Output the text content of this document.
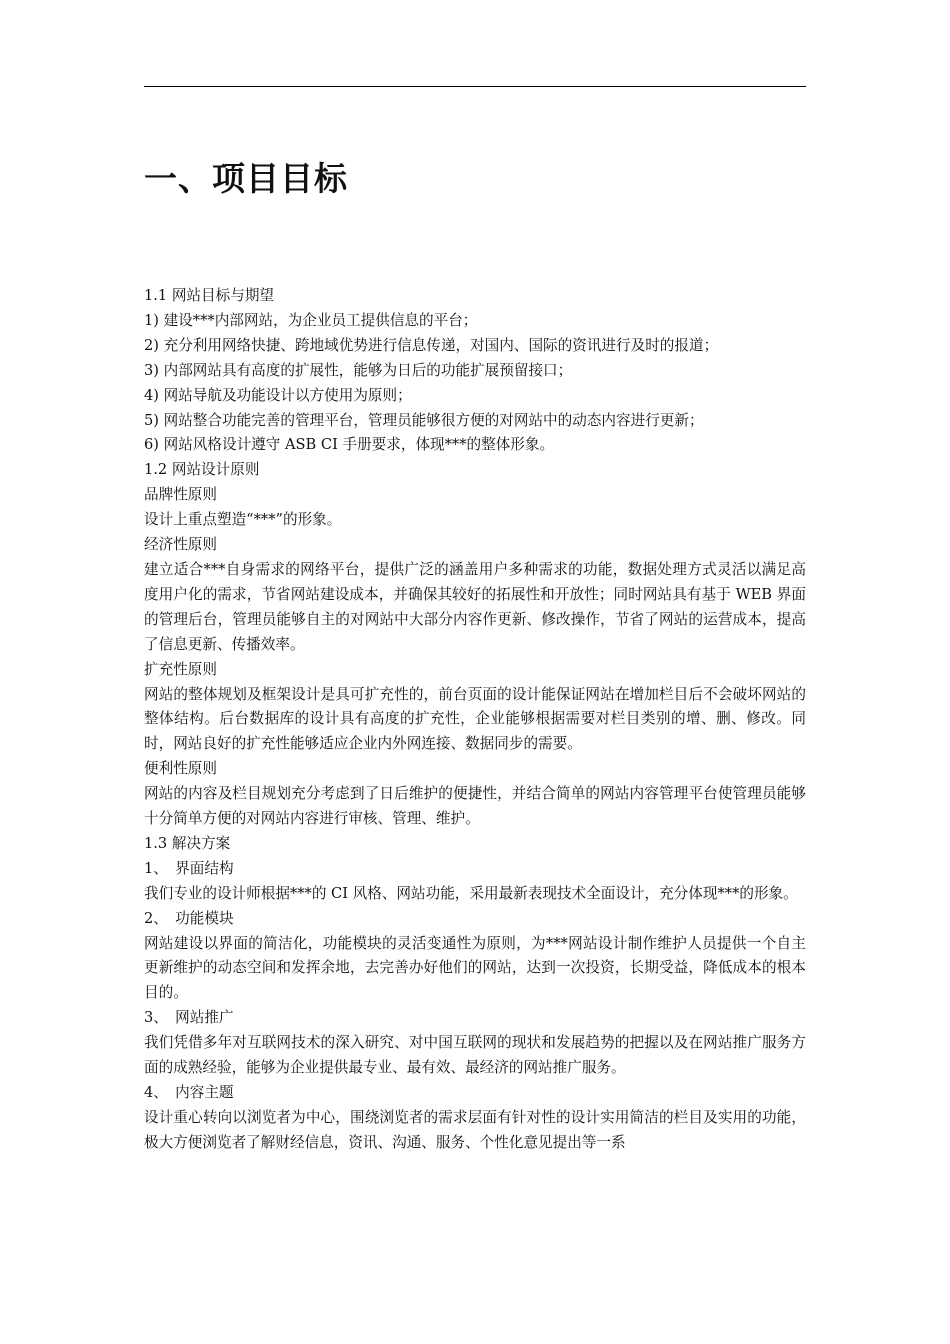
一、项目目标

1.1 网站目标与期望

1) 建设***内部网站，为企业员工提供信息的平台；

2) 充分利用网络快捷、跨地域优势进行信息传递，对国内、国际的资讯进行及时的报道；

3) 内部网站具有高度的扩展性，能够为日后的功能扩展预留接口；

4) 网站导航及功能设计以方使用为原则；

5) 网站整合功能完善的管理平台，管理员能够很方便的对网站中的动态内容进行更新；

6) 网站风格设计遵守 ASB CI 手册要求，体现***的整体形象。

1.2 网站设计原则

品牌性原则

设计上重点塑造“***”的形象。

经济性原则

建立适合***自身需求的网络平台，提供广泛的涵盖用户多种需求的功能，数据处理方式灵活以满足高度用户化的需求，节省网站建设成本，并确保其较好的拓展性和开放性；同时网站具有基于 WEB 界面的管理后台，管理员能够自主的对网站中大部分内容作更新、修改操作，节省了网站的运营成本，提高了信息更新、传播效率。

扩充性原则

网站的整体规划及框架设计是具可扩充性的，前台页面的设计能保证网站在增加栏目后不会破坏网站的整体结构。后台数据库的设计具有高度的扩充性，企业能够根据需要对栏目类别的增、删、修改。同时，网站良好的扩充性能够适应企业内外网连接、数据同步的需要。

便利性原则

网站的内容及栏目规划充分考虑到了日后维护的便捷性，并结合简单的网站内容管理平台使管理员能够十分简单方便的对网站内容进行审核、管理、维护。

1.3 解决方案

1、　界面结构

我们专业的设计师根据***的 CI 风格、网站功能，采用最新表现技术全面设计，充分体现***的形象。

2、　功能模块

网站建设以界面的简洁化，功能模块的灵活变通性为原则，为***网站设计制作维护人员提供一个自主更新维护的动态空间和发挥余地，去完善办好他们的网站，达到一次投资，长期受益，降低成本的根本目的。

3、　网站推广

我们凭借多年对互联网技术的深入研究、对中国互联网的现状和发展趋势的把握以及在网站推广服务方面的成熟经验，能够为企业提供最专业、最有效、最经济的网站推广服务。

4、　内容主题

设计重心转向以浏览者为中心，围绕浏览者的需求层面有针对性的设计实用简洁的栏目及实用的功能，极大方便浏览者了解财经信息，资讯、沟通、服务、个性化意见提出等一系
